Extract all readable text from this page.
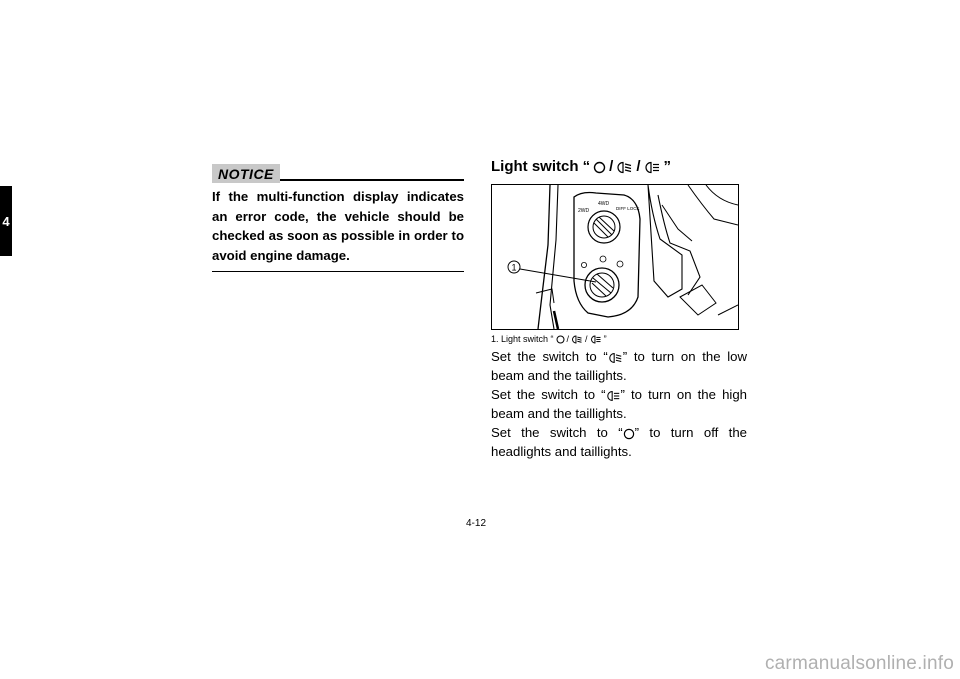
4
NOTICE

If the multi-function display indicates an error code, the vehicle should be checked as soon as possible in order to avoid engine damage.

Light switch “ / / ”
4WD
2WD	DIFF LOCK
1
1. Light switch “ / / ”

Set the switch to “ ” to turn on the low beam and the taillights.

Set the switch to “ ” to turn on the high beam and the taillights.

Set the switch to “ ” to turn off the headlights and taillights.

4-12
carmanualsonline.info
